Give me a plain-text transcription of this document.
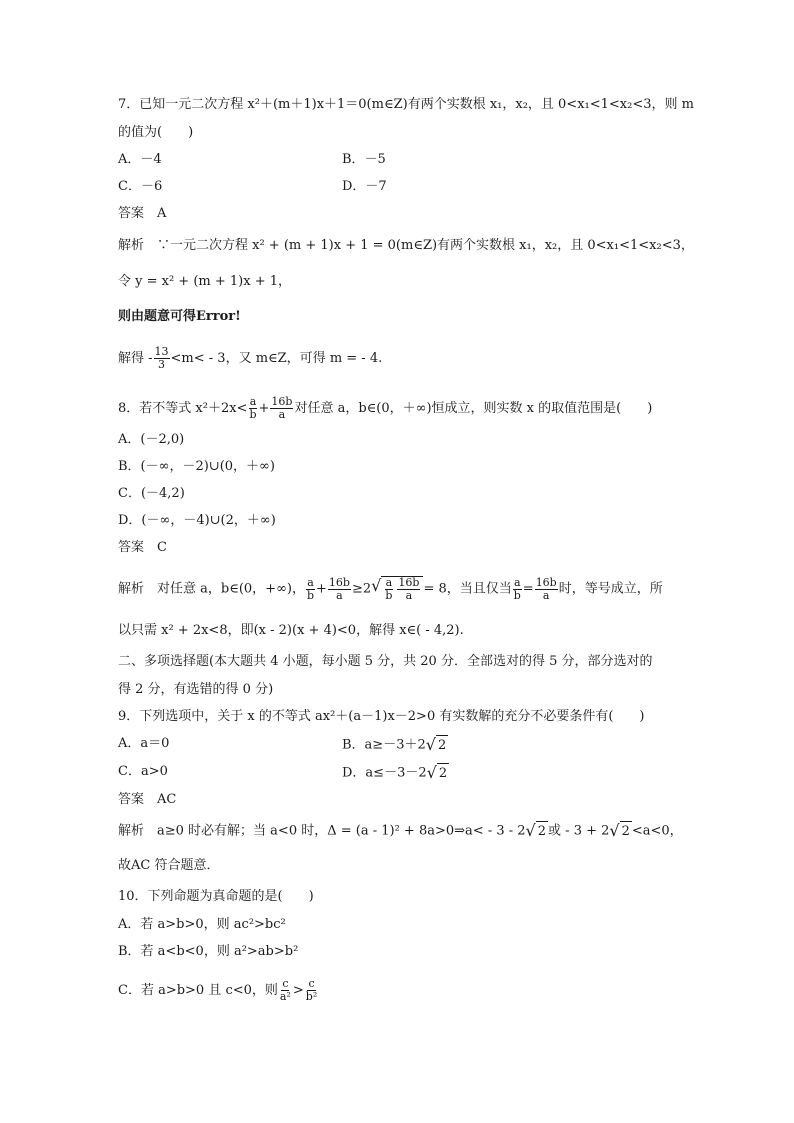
7．已知一元二次方程 x²＋(m＋1)x＋1＝0(m∈Z)有两个实数根 x₁，x₂，且 0<x₁<1<x₂<3，则 m
的值为(　　)
A．－4	B．－5
C．－6	D．－7
答案　A
解析　∵一元二次方程 x² + (m + 1)x + 1 = 0(m∈Z)有两个实数根 x₁，x₂，且 0<x₁<1<x₂<3，
令 y = x² + (m + 1)x + 1，
则由题意可得Error!
解得 - $\frac{13}{3} <m< - 3$，又 m∈Z，可得 m = - 4.
8．若不等式 $x^2+2x< \frac{a}{b} + \frac{16b}{a}$ 对任意 a，b∈(0，＋∞)恒成立，则实数 x 的取值范围是(　　)
A．(－2,0)
B．(－∞，－2)∪(0，＋∞)
C．(－4,2)
D．(－∞，－4)∪(2，＋∞)
答案　C
解析　对任意 a，b∈(0，+∞)， $\frac{a}{b} + \frac{16b}{a} \ge 2$ √ $\frac{a}{b} \frac{16b}{a} = 8$，当且仅当 $\frac{a}{b} = \frac{16b}{a}$ 时，等号成立，所
以只需 x² + 2x<8，即(x - 2)(x + 4)<0，解得 x∈( - 4,2).
二、多项选择题(本大题共 4 小题，每小题 5 分，共 20 分．全部选对的得 5 分，部分选对的
得 2 分，有选错的得 0 分)
9．下列选项中，关于 x 的不等式 ax²＋(a－1)x－2>0 有实数解的充分不必要条件有(　　)
A．a＝0	B．a≥－3＋2 √ 2
C．a>0	D．a≤－3－2 √ 2
答案　AC
解析　a≥0 时必有解；当 a<0 时，Δ = (a - 1)² + 8a>0⇒a< - 3 - 2 √ 2 或 - 3 + 2 √ 2 <a<0，
故AC 符合题意．
10．下列命题为真命题的是(　　)
A．若 a>b>0，则 ac²>bc²
B．若 a<b<0，则 a²>ab>b²
C．若 a>b>0 且 c<0，则 $\frac{c}{\text{a²}} > \frac{c}{\text{b²}}$
